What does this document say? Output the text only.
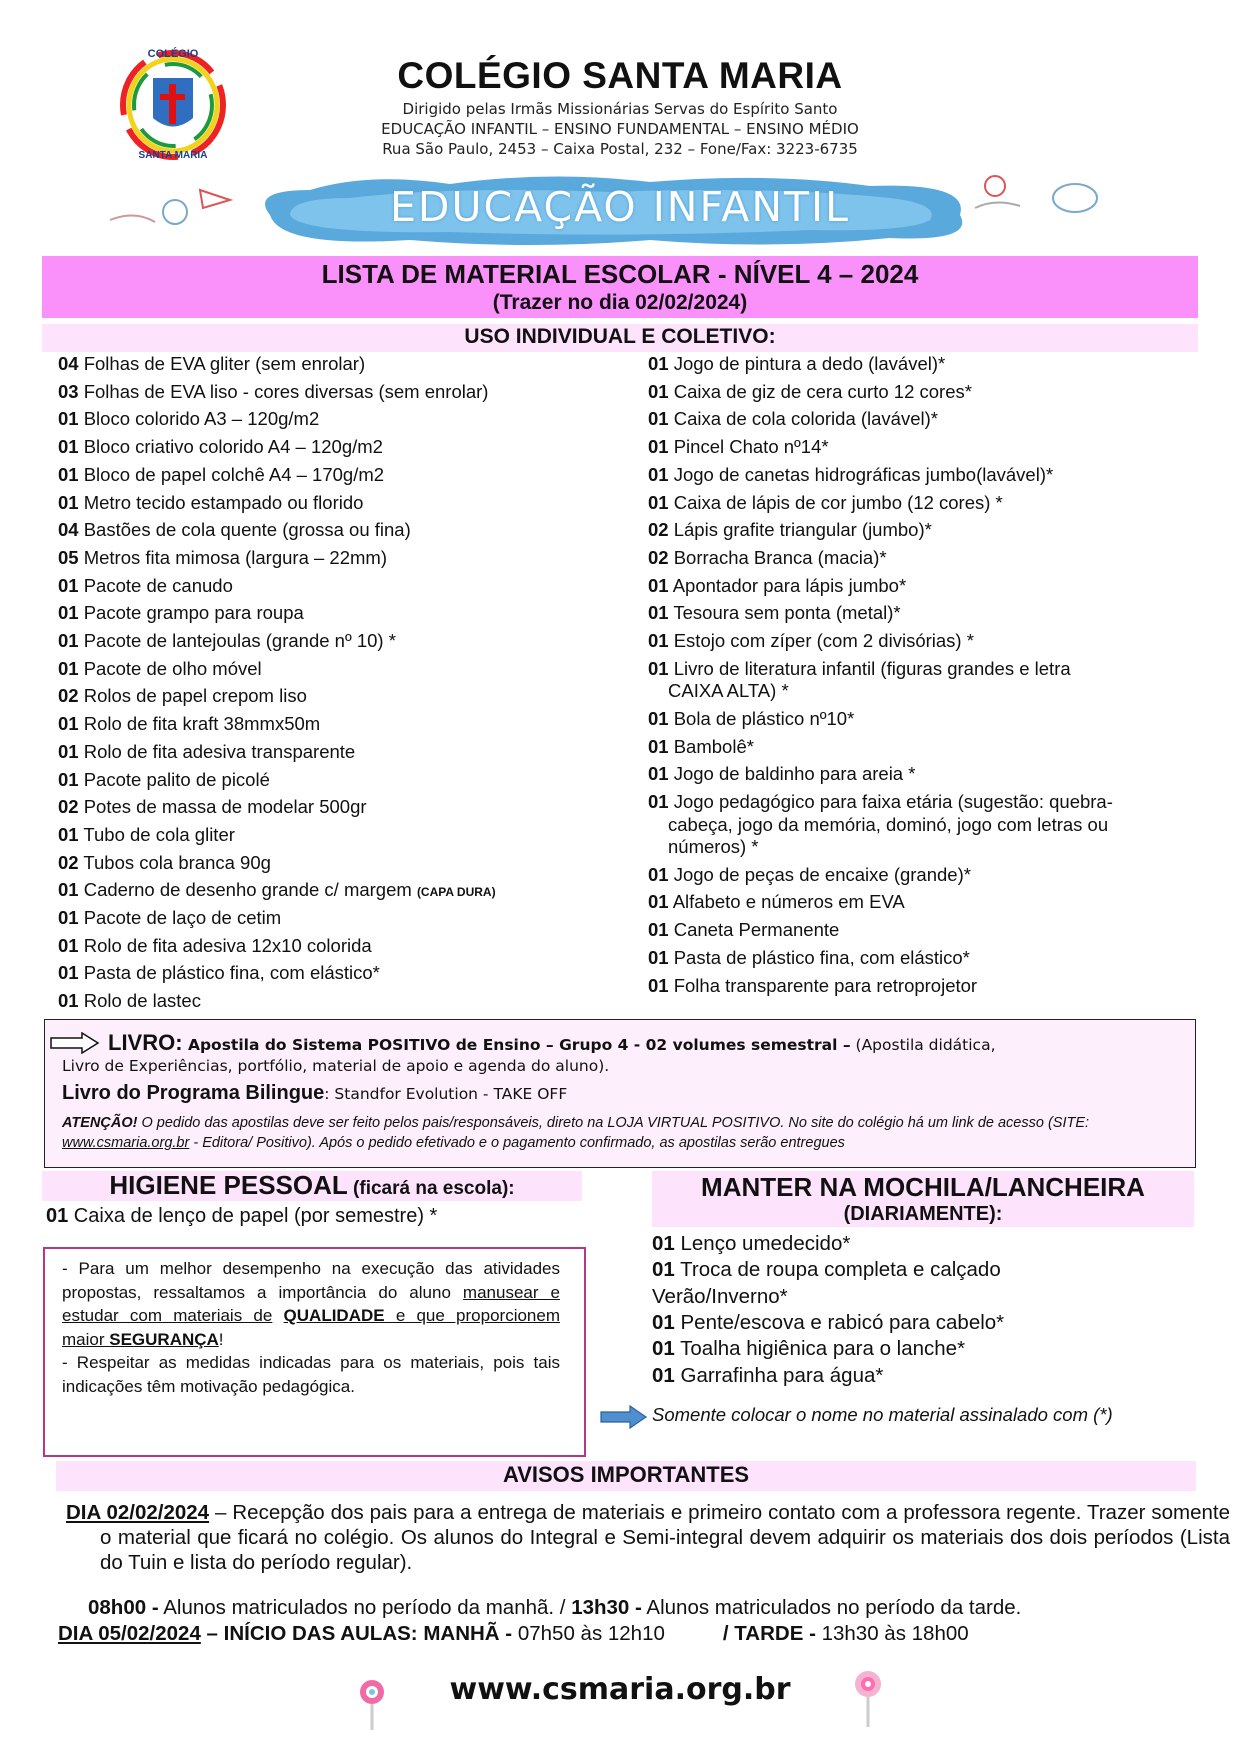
COLÉGIO
SANTA MARIA
COLÉGIO SANTA MARIA
Dirigido pelas Irmãs Missionárias Servas do Espírito Santo
EDUCAÇÃO INFANTIL – ENSINO FUNDAMENTAL – ENSINO MÉDIO
Rua São Paulo, 2453 – Caixa Postal, 232 – Fone/Fax: 3223-6735
EDUCAÇÃO INFANTIL
LISTA DE MATERIAL ESCOLAR - NÍVEL 4 – 2024
(Trazer no dia 02/02/2024)
USO INDIVIDUAL E COLETIVO:
04 Folhas de EVA gliter (sem enrolar)
03 Folhas de EVA liso - cores diversas (sem enrolar)
01 Bloco colorido A3 – 120g/m2
01 Bloco criativo colorido A4 – 120g/m2
01 Bloco de papel colchê A4 – 170g/m2
01 Metro tecido estampado ou florido
04 Bastões de cola quente (grossa ou fina)
05 Metros fita mimosa (largura – 22mm)
01 Pacote de canudo
01 Pacote grampo para roupa
01 Pacote de lantejoulas (grande nº 10) *
01 Pacote de olho móvel
02 Rolos de papel crepom liso
01 Rolo de fita kraft 38mmx50m
01 Rolo de fita adesiva transparente
01 Pacote palito de picolé
02 Potes de massa de modelar 500gr
01 Tubo de cola gliter
02 Tubos cola branca 90g
01 Caderno de desenho grande c/ margem (CAPA DURA)
01 Pacote de laço de cetim
01 Rolo de fita adesiva 12x10 colorida
01 Pasta de plástico fina, com elástico*
01 Rolo de lastec
01 Jogo de pintura a dedo (lavável)*
01 Caixa de giz de cera curto 12 cores*
01 Caixa de cola colorida (lavável)*
01 Pincel Chato nº14*
01 Jogo de canetas hidrográficas jumbo(lavável)*
01 Caixa de lápis de cor jumbo (12 cores) *
02 Lápis grafite triangular (jumbo)*
02 Borracha Branca (macia)*
01 Apontador para lápis jumbo*
01 Tesoura sem ponta (metal)*
01 Estojo com zíper (com 2 divisórias) *
01 Livro de literatura infantil (figuras grandes e letra
CAIXA ALTA) *
01 Bola de plástico nº10*
01 Bambolê*
01 Jogo de baldinho para areia *
01 Jogo pedagógico para faixa etária (sugestão: quebra-
cabeça, jogo da memória, dominó, jogo com letras ou
números) *
01 Jogo de peças de encaixe (grande)*
01 Alfabeto e números em EVA
01 Caneta Permanente
01 Pasta de plástico fina, com elástico*
01 Folha transparente para retroprojetor
LIVRO: Apostila do Sistema POSITIVO de Ensino – Grupo 4 - 02 volumes semestral – (Apostila didática,
Livro de Experiências, portfólio, material de apoio e agenda do aluno).
Livro do Programa Bilingue: Standfor Evolution - TAKE OFF
ATENÇÃO! O pedido das apostilas deve ser feito pelos pais/responsáveis, direto na LOJA VIRTUAL POSITIVO. No site do colégio há um link de acesso (SITE: www.csmaria.org.br - Editora/ Positivo). Após o pedido efetivado e o pagamento confirmado, as apostilas serão entregues
HIGIENE PESSOAL (ficará na escola):
01 Caixa de lenço de papel (por semestre) *
MANTER NA MOCHILA/LANCHEIRA
(DIARIAMENTE):
01 Lenço umedecido*
01 Troca de roupa completa e calçado
Verão/Inverno*
01 Pente/escova e rabicó para cabelo*
01 Toalha higiênica para o lanche*
01 Garrafinha para água*
Somente colocar o nome no material assinalado com (*)
- Para um melhor desempenho na execução das atividades propostas, ressaltamos a importância do aluno manusear e estudar com materiais de QUALIDADE e que proporcionem maior SEGURANÇA!
- Respeitar as medidas indicadas para os materiais, pois tais indicações têm motivação pedagógica.
AVISOS IMPORTANTES
DIA 02/02/2024 – Recepção dos pais para a entrega de materiais e primeiro contato com a professora regente. Trazer somente o material que ficará no colégio. Os alunos do Integral e Semi-integral devem adquirir os materiais dos dois períodos (Lista do Tuin e lista do período regular).
08h00 - Alunos matriculados no período da manhã. / 13h30 - Alunos matriculados no período da tarde.
DIA 05/02/2024 – INÍCIO DAS AULAS: MANHÃ - 07h50 às 12h10	/ TARDE - 13h30 às 18h00
www.csmaria.org.br
